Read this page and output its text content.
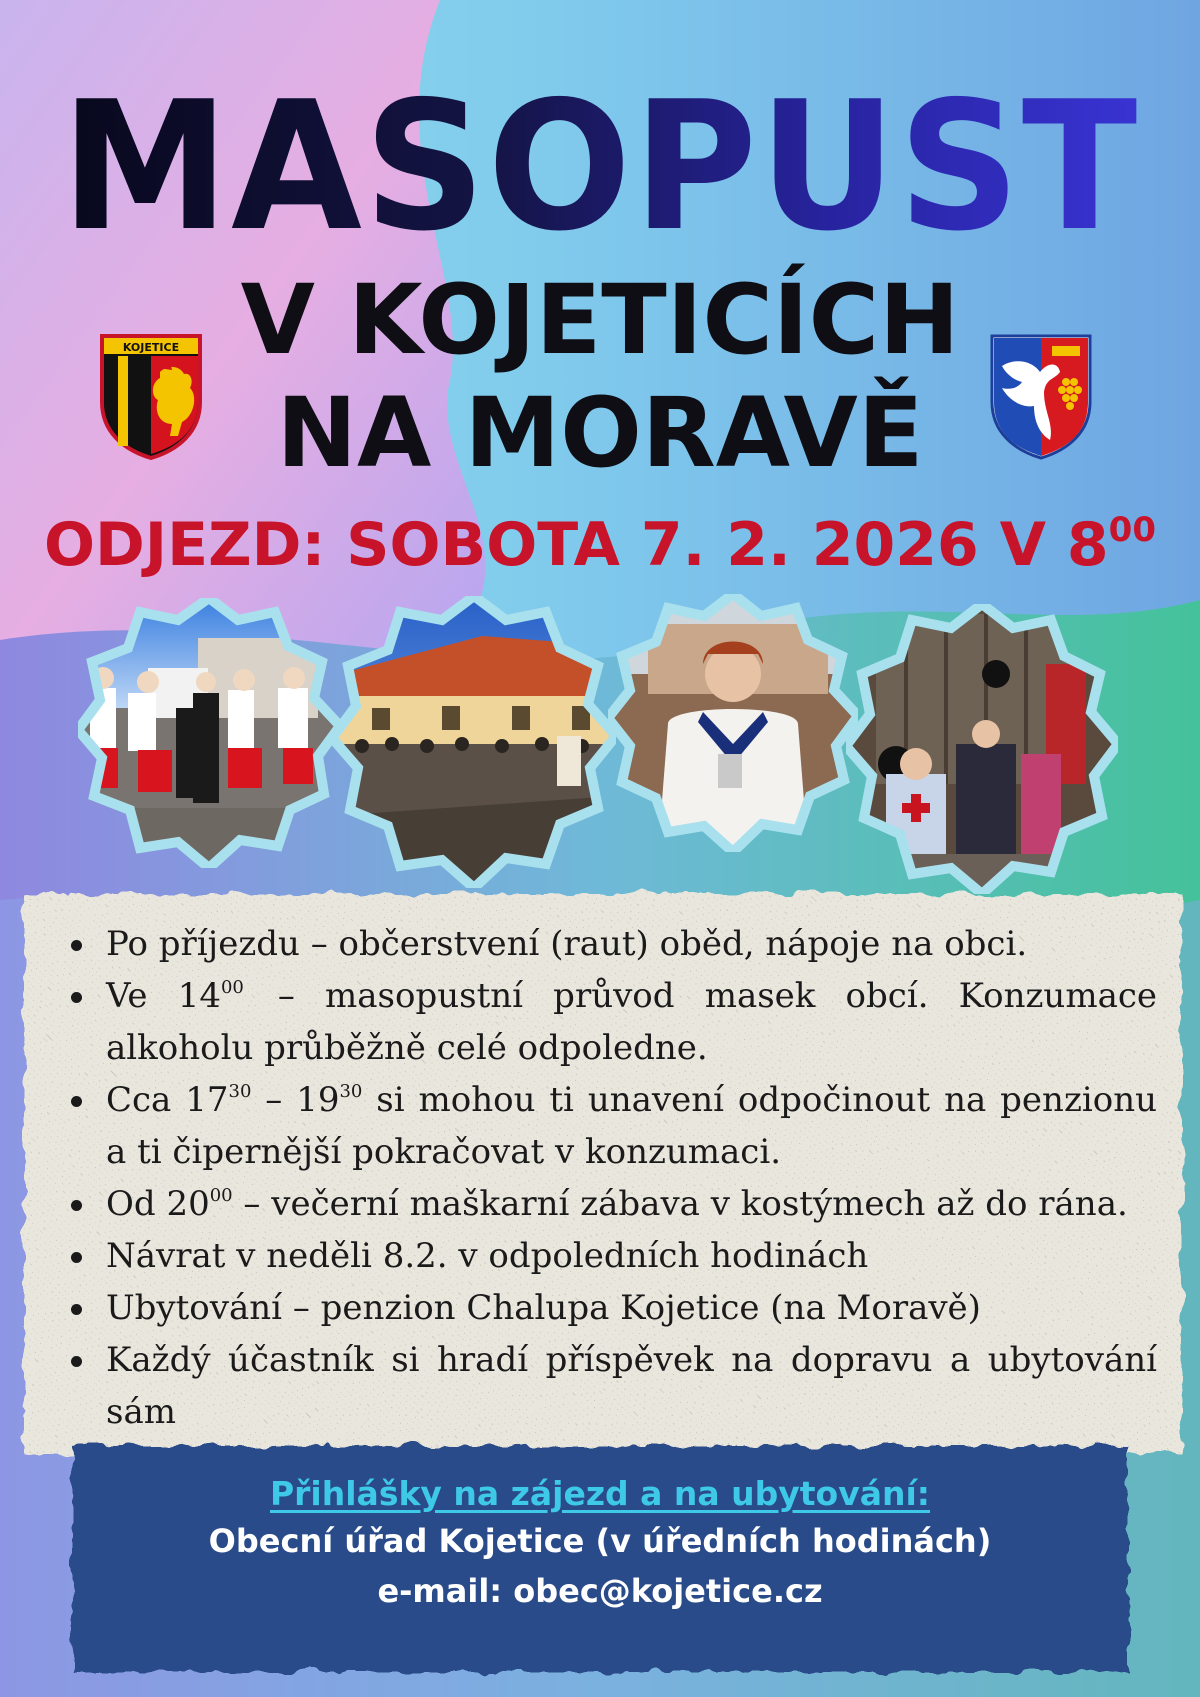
MASOPUST
V KOJETICÍCH
NA MORAVĚ
KOJETICE
ODJEZD: SOBOTA 7. 2. 2026 V $8^{00}$
Po příjezdu – občerstvení (raut) oběd, nápoje na obci.
Ve $14^{00}$ – masopustní průvod masek obcí. Konzumace alkoholu průběžně celé odpoledne.
Cca $17^{30} - 19^{30}$ si mohou ti unavení odpočinout na penzionu a ti čipernější pokračovat v konzumaci.
Od $20^{00}$ – večerní maškarní zábava v kostýmech až do rána.
Návrat v neděli 8.2. v odpoledních hodinách
Ubytování – penzion Chalupa Kojetice (na Moravě)
Každý účastník si hradí příspěvek na dopravu a ubytování sám
Přihlášky na zájezd a na ubytování:
Obecní úřad Kojetice (v úředních hodinách)
e-mail: obec@kojetice.cz
